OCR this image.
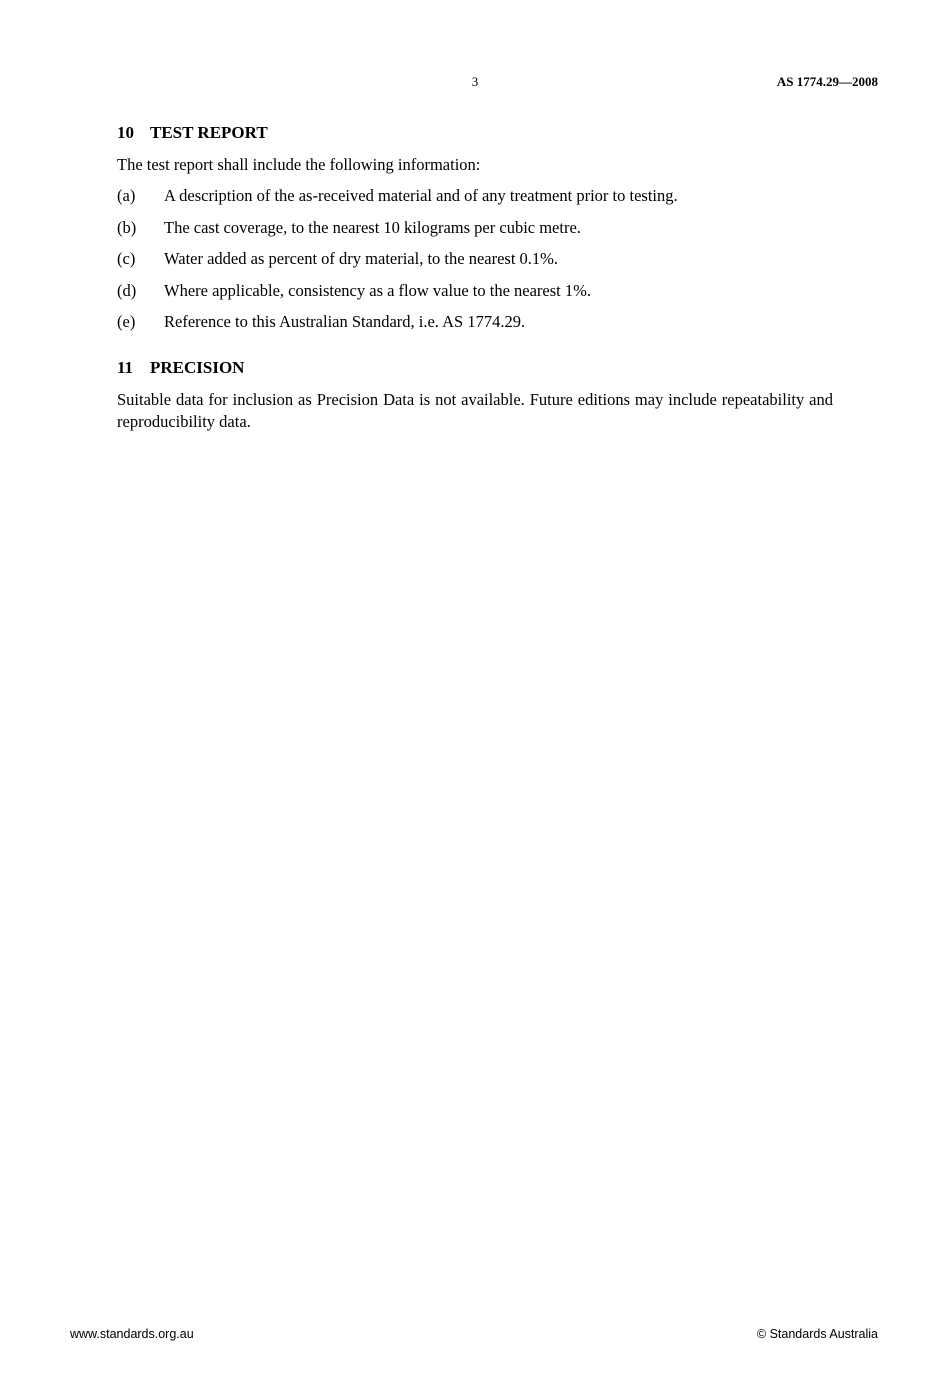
3	AS 1774.29—2008
10 TEST REPORT

The test report shall include the following information:

(a)	A description of the as-received material and of any treatment prior to testing.
(b)	The cast coverage, to the nearest 10 kilograms per cubic metre.
(c)	Water added as percent of dry material, to the nearest 0.1%.
(d)	Where applicable, consistency as a flow value to the nearest 1%.
(e)	Reference to this Australian Standard, i.e. AS 1774.29.
11 PRECISION

Suitable data for inclusion as Precision Data is not available. Future editions may include repeatability and reproducibility data.

www.standards.org.au	© Standards Australia
